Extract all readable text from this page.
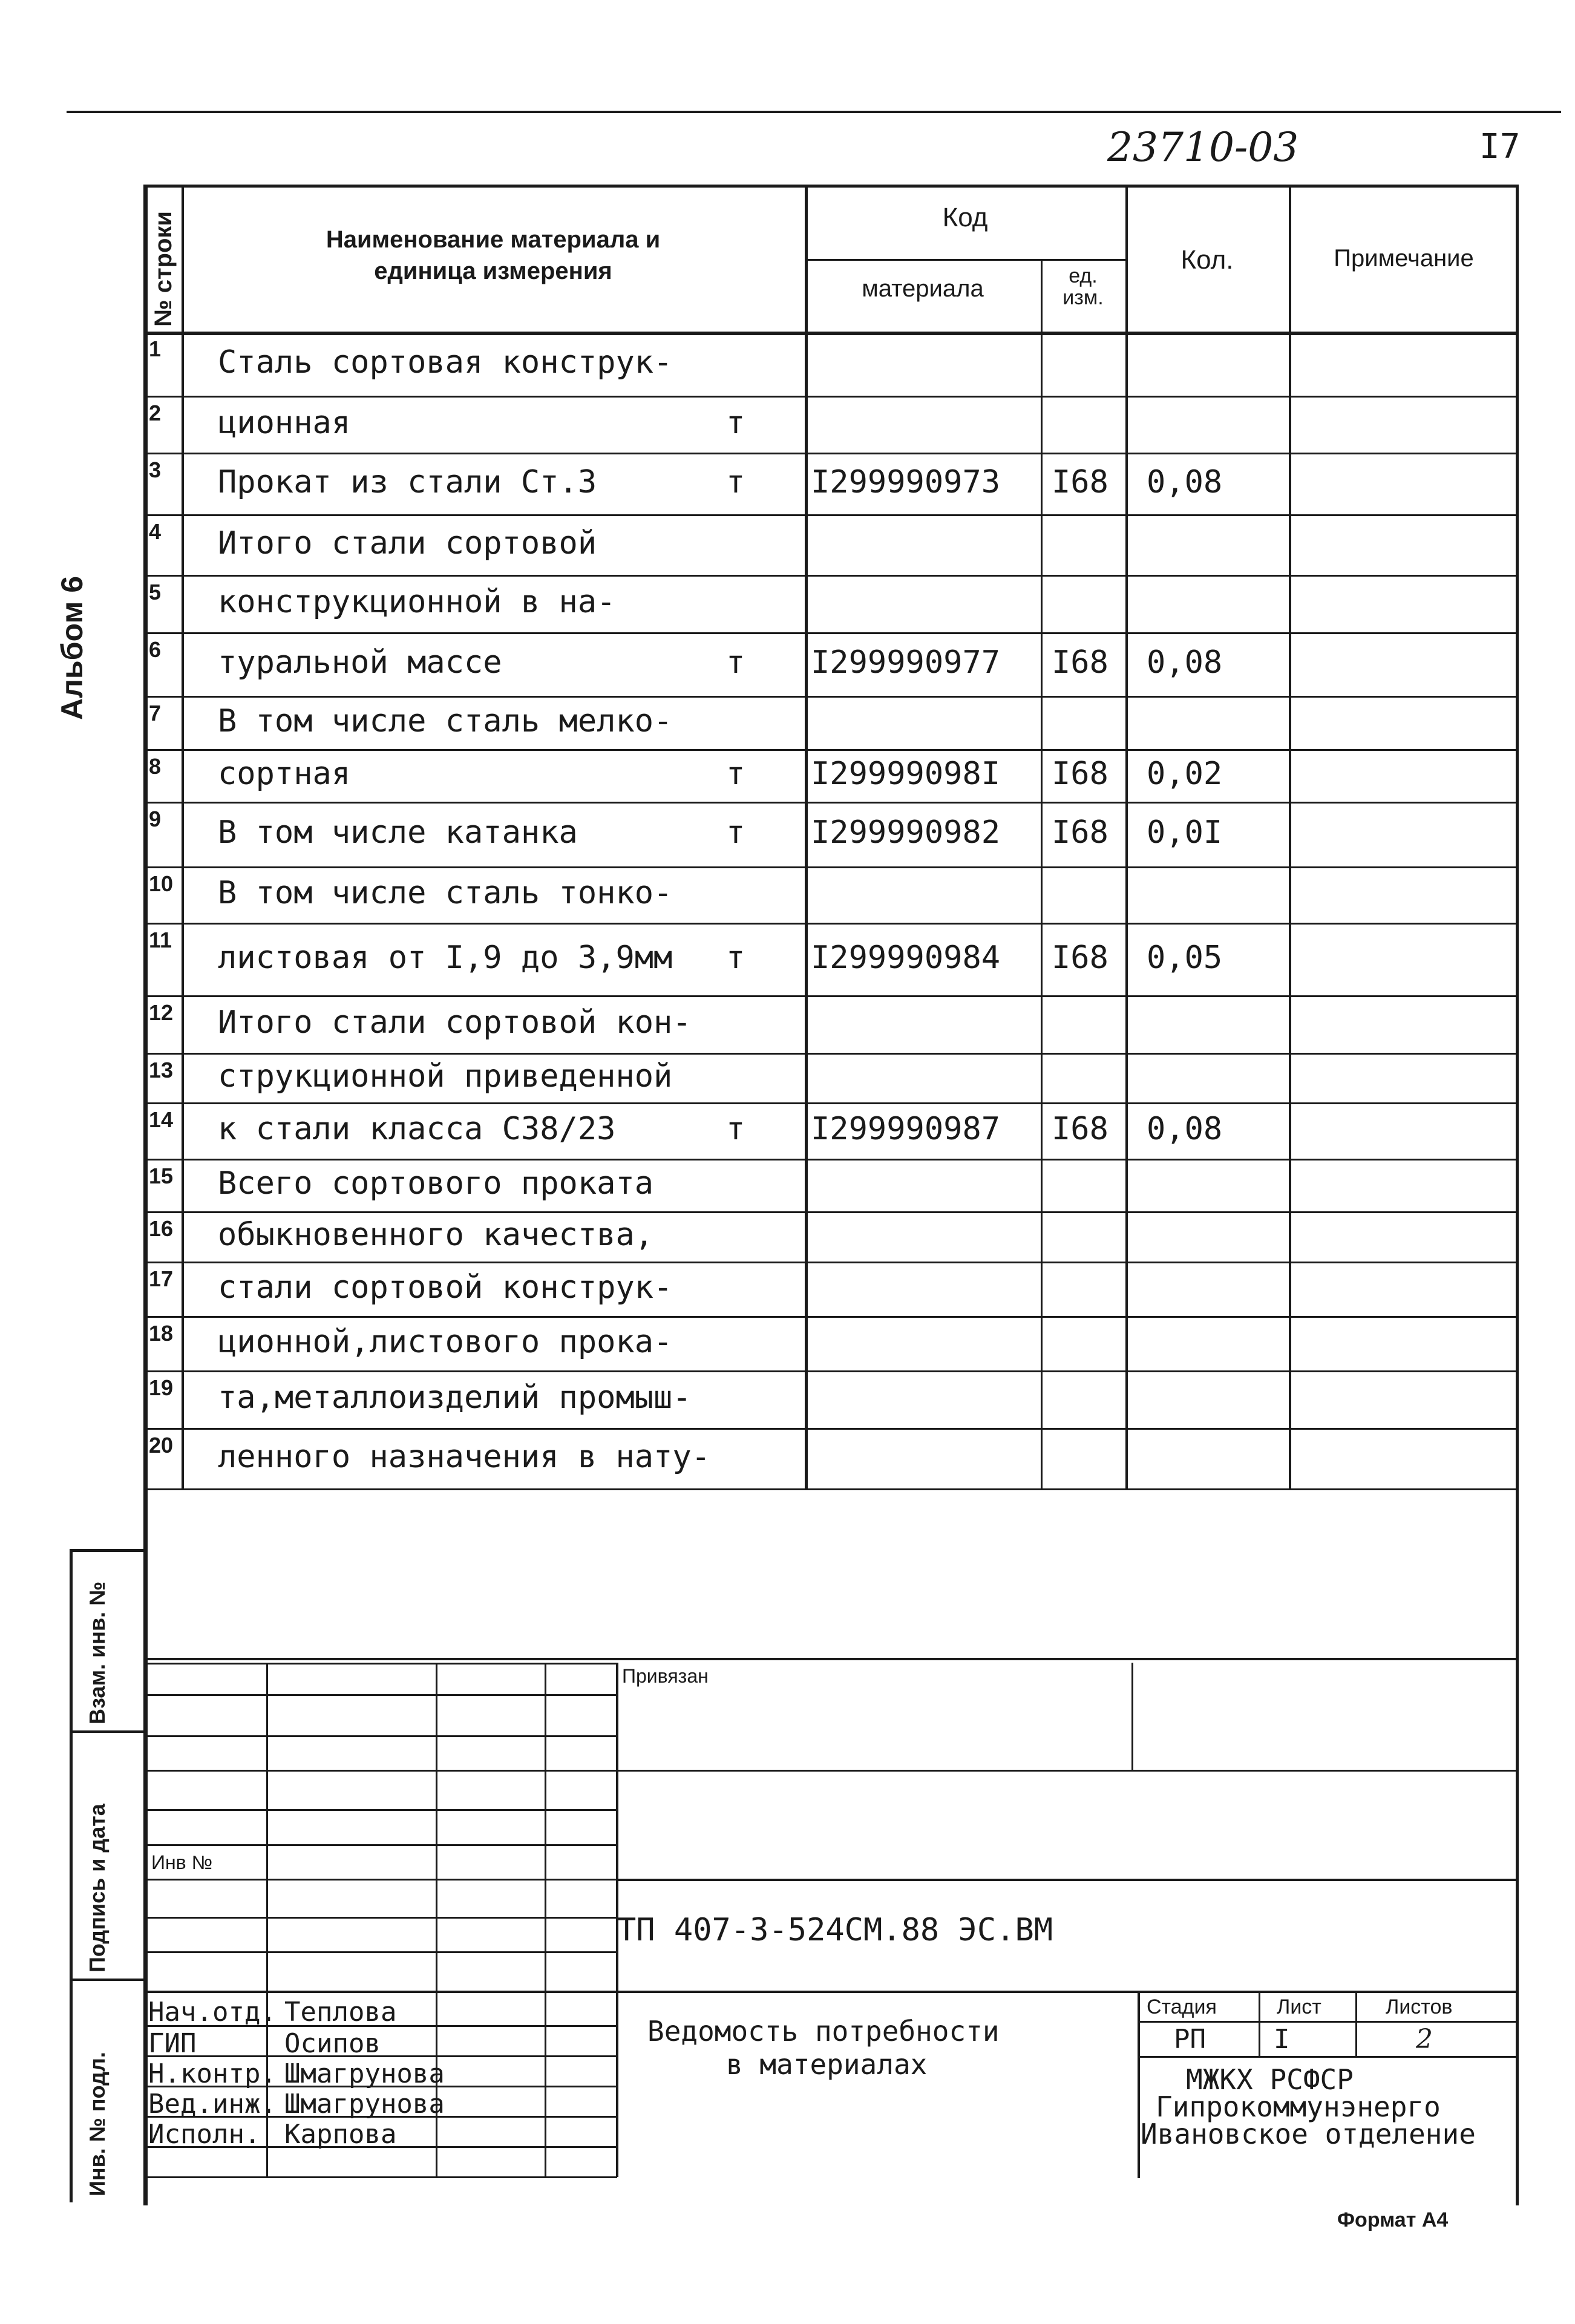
23710-03	I7
Альбом 6
№ строки	Наименование материала и единица измерения
Код
материала	ед. изм.
Кол.	Примечание
1 Сталь сортовая конструк-
2 ционная	т
3 Прокат из стали Ст.3	т I299990973 I68 0,08
4 Итого стали сортовой
5 конструкционной в на-
6 туральной массе	т I299990977 I68 0,08
7 В том числе сталь мелко-
8 сортная	т I29999098I I68 0,02
9 В том числе катанка	т I299990982 I68 0,0I
10 В том числе сталь тонко-
11 листовая от I,9 до 3,9мм т I299990984 I68 0,05
12 Итого стали сортовой кон-
13 струкционной приведенной
14 к стали класса С38/23	т I299990987 I68 0,08
15 Всего сортового проката
16 обыкновенного качества,
17 стали сортовой конструк-
18 ционной,листового прока-
19 та,металлоизделий промыш-
20 ленного назначения в нату-
Взам. инв. №
Подпись и дата
Инв. № подл.
Инв №
Привязан
ТП 407-3-524СМ.88 ЭС.ВМ
Стадия	Лист	Листов
РП	I	2
МЖКХ РСФСР
Гипрокоммунэнерго
Ивановское отделение
Ведомость потребности
в материалах
Формат А4
Нач.отд. Теплова
ГИП	Осипов
Н.контр. Шмагрунова
Вед.инж. Шмагрунова
Исполн. Карпова
